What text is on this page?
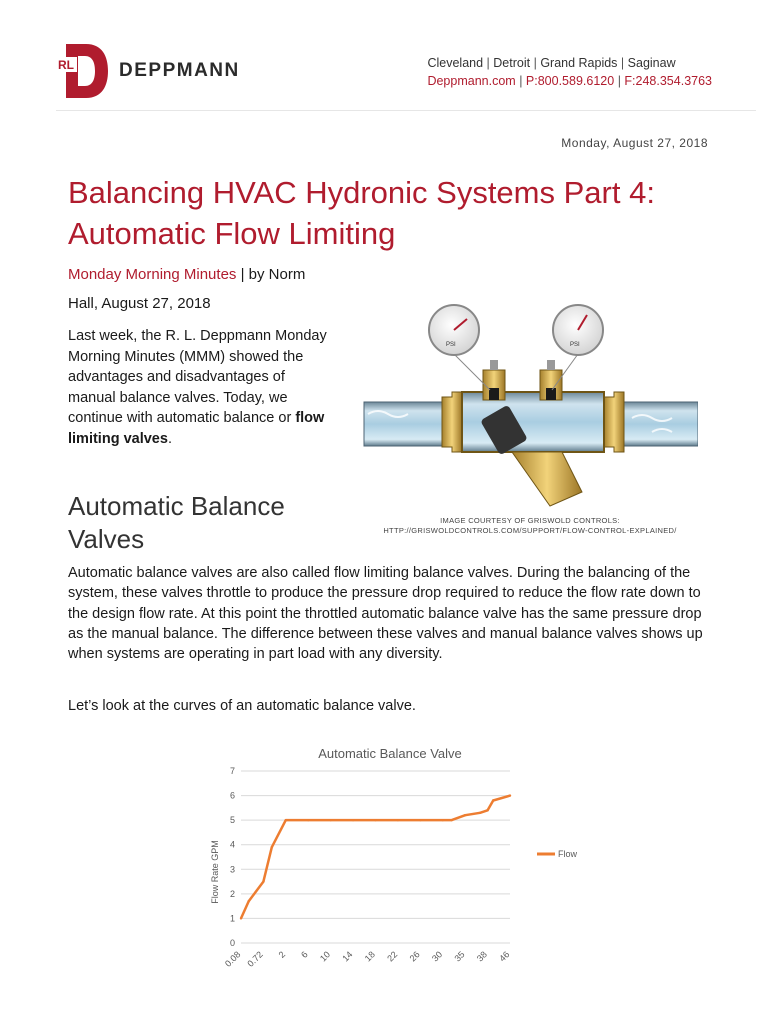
RL DEPPMANN	Cleveland | Detroit | Grand Rapids | Saginaw
Deppmann.com | P:800.589.6120 | F:248.354.3763
Monday, August 27, 2018
Balancing HVAC Hydronic Systems Part 4: Automatic Flow Limiting
Monday Morning Minutes | by Norm
Hall, August 27, 2018

Last week, the R. L. Deppmann Monday Morning Minutes (MMM) showed the advantages and disadvantages of manual balance valves. Today, we continue with automatic balance or flow limiting valves.

PSI	PSI
IMAGE COURTESY OF GRISWOLD CONTROLS:
HTTP://GRISWOLDCONTROLS.COM/SUPPORT/FLOW-CONTROL-EXPLAINED/
Automatic Balance Valves

Automatic balance valves are also called flow limiting balance valves. During the balancing of the system, these valves throttle to produce the pressure drop required to reduce the flow rate down to the design flow rate. At this point the throttled automatic balance valve has the same pressure drop as the manual balance. The difference between these valves and manual balance valves shows up when systems are operating in part load with any diversity.

Let’s look at the curves of an automatic balance valve.

Automatic Balance Valve
Flow Rate GPM	Flow
0
1
2
3
4
5
6
7
0.08 0.72 2 6 10 14 18 22 26 30 35 38 46
